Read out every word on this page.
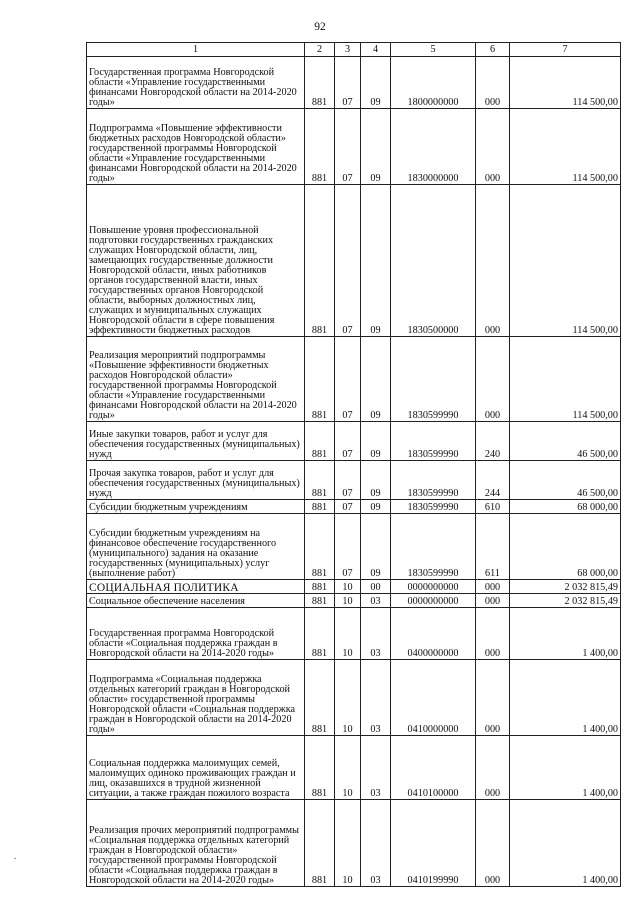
92
1	2	3	4	5	6	7
Государственная программа Новгородской области «Управление государственными финансами Новгородской области на 2014-2020 годы»	881	07	09	1800000000	000	114 500,00
Подпрограмма «Повышение эффективности бюджетных расходов Новгородской области» государственной программы Новгородской области «Управление государственными финансами Новгородской области на 2014-2020 годы»	881	07	09	1830000000	000	114 500,00
Повышение уровня профессиональной подготовки государственных гражданских служащих Новгородской области, лиц, замещающих государственные должности Новгородской области, иных работников органов государственной власти, иных государственных органов Новгородской области, выборных должностных лиц, служащих и муниципальных служащих Новгородской области в сфере повышения эффективности бюджетных расходов	881	07	09	1830500000	000	114 500,00
Реализация мероприятий подпрограммы «Повышение эффективности бюджетных расходов Новгородской области» государственной программы Новгородской области «Управление государственными финансами Новгородской области на 2014-2020 годы»	881	07	09	1830599990	000	114 500,00
Иные закупки товаров, работ и услуг для обеспечения государственных (муниципальных) нужд	881	07	09	1830599990	240	46 500,00
Прочая закупка товаров, работ и услуг для обеспечения государственных (муниципальных) нужд	881	07	09	1830599990	244	46 500,00
Субсидии бюджетным учреждениям	881	07	09	1830599990	610	68 000,00
Субсидии бюджетным учреждениям на финансовое обеспечение государственного (муниципального) задания на оказание государственных (муниципальных) услуг (выполнение работ)	881	07	09	1830599990	611	68 000,00
СОЦИАЛЬНАЯ ПОЛИТИКА	881	10	00	0000000000	000	2 032 815,49
Социальное обеспечение населения	881	10	03	0000000000	000	2 032 815,49
Государственная программа Новгородской области «Социальная поддержка граждан в Новгородской области на 2014-2020 годы»	881	10	03	0400000000	000	1 400,00
Подпрограмма «Социальная поддержка отдельных категорий граждан в Новгородской области» государственной программы Новгородской области «Социальная поддержка граждан в Новгородской области на 2014-2020 годы»	881	10	03	0410000000	000	1 400,00
Социальная поддержка малоимущих семей, малоимущих одиноко проживающих граждан и лиц, оказавшихся в трудной жизненной ситуации, а также граждан пожилого возраста	881	10	03	0410100000	000	1 400,00
Реализация прочих мероприятий подпрограммы «Социальная поддержка отдельных категорий граждан в Новгородской области» государственной программы Новгородской области «Социальная поддержка граждан в Новгородской области на 2014-2020 годы»	881	10	03	0410199990	000	1 400,00
